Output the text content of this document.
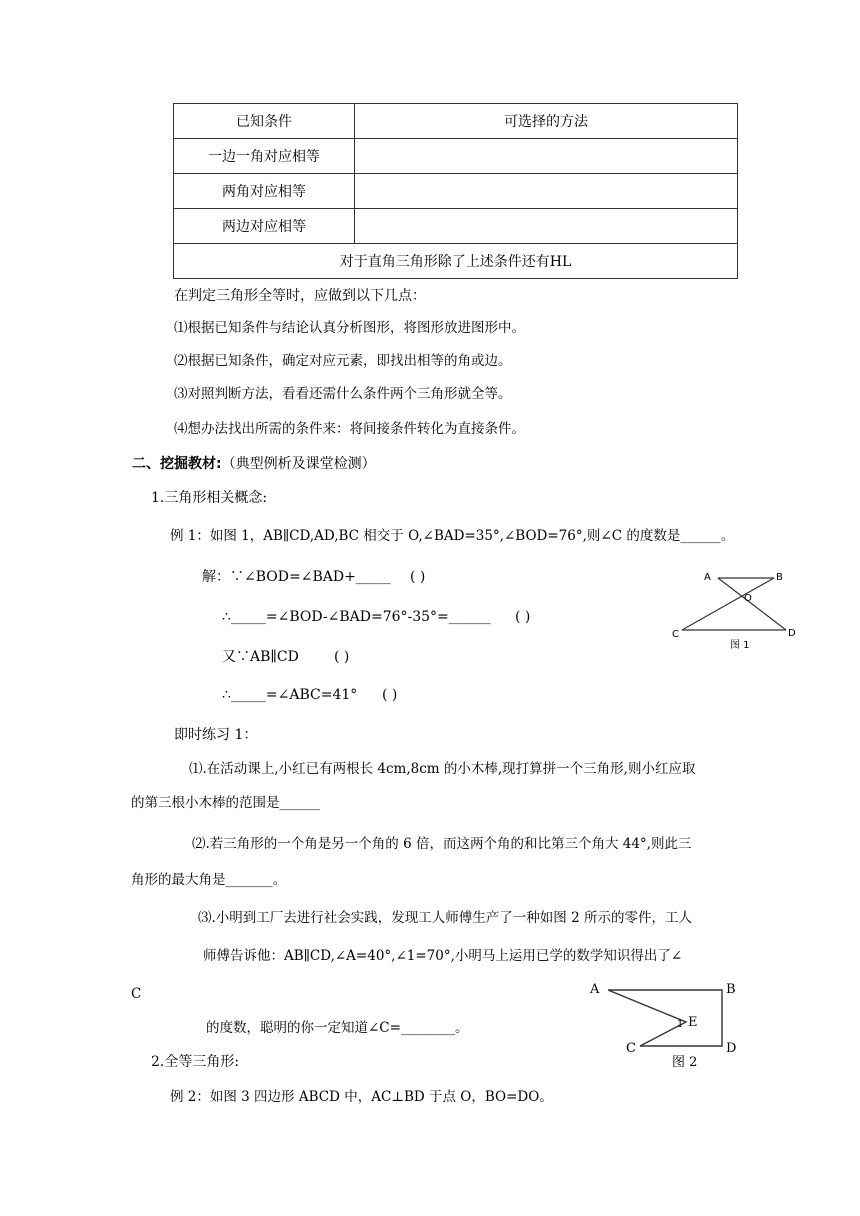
已知条件	可选择的方法
一边一角对应相等	
两角对应相等	
两边对应相等	
对于直角三角形除了上述条件还有HL	
在判定三角形全等时，应做到以下几点：
⑴根据已知条件与结论认真分析图形，将图形放进图形中。
⑵根据已知条件，确定对应元素，即找出相等的角或边。
⑶对照判断方法，看看还需什么条件两个三角形就全等。
⑷想办法找出所需的条件来：将间接条件转化为直接条件。
二、挖掘教材:（典型例析及课堂检测）
1.三角形相关概念:
例 1：如图 1，AB∥CD,AD,BC 相交于 O,∠BAD=35°,∠BOD=76°,则∠C 的度数是______。
解：∵∠BOD=∠BAD+_____ ( )
∴_____=∠BOD-∠BAD=76°-35°=______ ( )
又∵AB∥CD	( )
∴_____=∠ABC=41° ( )
A	B
O
C	D
图 1
即时练习 1：
⑴.在活动课上,小红已有两根长 4cm,8cm 的小木棒,现打算拼一个三角形,则小红应取
的第三根小木棒的范围是______
⑵.若三角形的一个角是另一个角的 6 倍，而这两个角的和比第三个角大 44°,则此三
角形的最大角是_______。
⑶.小明到工厂去进行社会实践，发现工人师傅生产了一种如图 2 所示的零件，工人
师傅告诉他：AB∥CD,∠A=40°,∠1=70°,小明马上运用已学的数学知识得出了∠
C
的度数，聪明的你一定知道∠C=________。
A	B
1 E
C	D
图 2
2.全等三角形:
例 2：如图 3 四边形 ABCD 中，AC⊥BD 于点 O，BO=DO。
